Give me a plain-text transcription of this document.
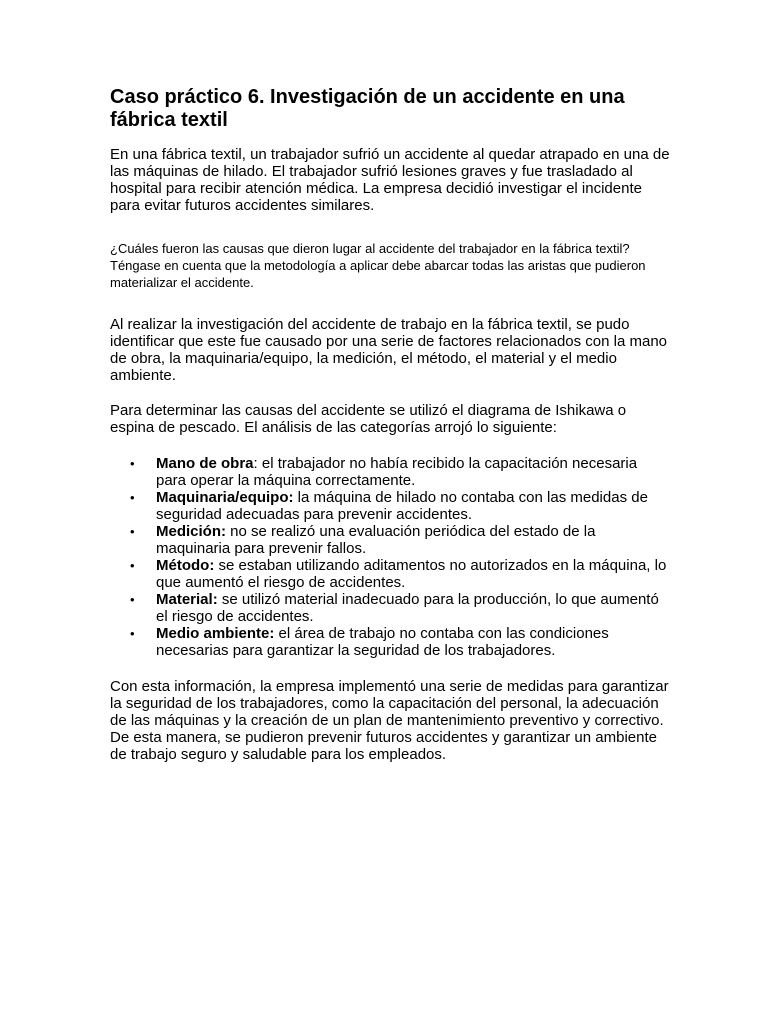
Caso práctico 6. Investigación de un accidente en una fábrica textil

En una fábrica textil, un trabajador sufrió un accidente al quedar atrapado en una de las máquinas de hilado. El trabajador sufrió lesiones graves y fue trasladado al hospital para recibir atención médica. La empresa decidió investigar el incidente para evitar futuros accidentes similares.

¿Cuáles fueron las causas que dieron lugar al accidente del trabajador en la fábrica textil? Téngase en cuenta que la metodología a aplicar debe abarcar todas las aristas que pudieron materializar el accidente.

Al realizar la investigación del accidente de trabajo en la fábrica textil, se pudo identificar que este fue causado por una serie de factores relacionados con la mano de obra, la maquinaria/equipo, la medición, el método, el material y el medio ambiente.

Para determinar las causas del accidente se utilizó el diagrama de Ishikawa o espina de pescado. El análisis de las categorías arrojó lo siguiente:

• Mano de obra: el trabajador no había recibido la capacitación necesaria para operar la máquina correctamente.
• Maquinaria/equipo: la máquina de hilado no contaba con las medidas de seguridad adecuadas para prevenir accidentes.
• Medición: no se realizó una evaluación periódica del estado de la maquinaria para prevenir fallos.
• Método: se estaban utilizando aditamentos no autorizados en la máquina, lo que aumentó el riesgo de accidentes.
• Material: se utilizó material inadecuado para la producción, lo que aumentó el riesgo de accidentes.
• Medio ambiente: el área de trabajo no contaba con las condiciones necesarias para garantizar la seguridad de los trabajadores.

Con esta información, la empresa implementó una serie de medidas para garantizar la seguridad de los trabajadores, como la capacitación del personal, la adecuación de las máquinas y la creación de un plan de mantenimiento preventivo y correctivo. De esta manera, se pudieron prevenir futuros accidentes y garantizar un ambiente de trabajo seguro y saludable para los empleados.
